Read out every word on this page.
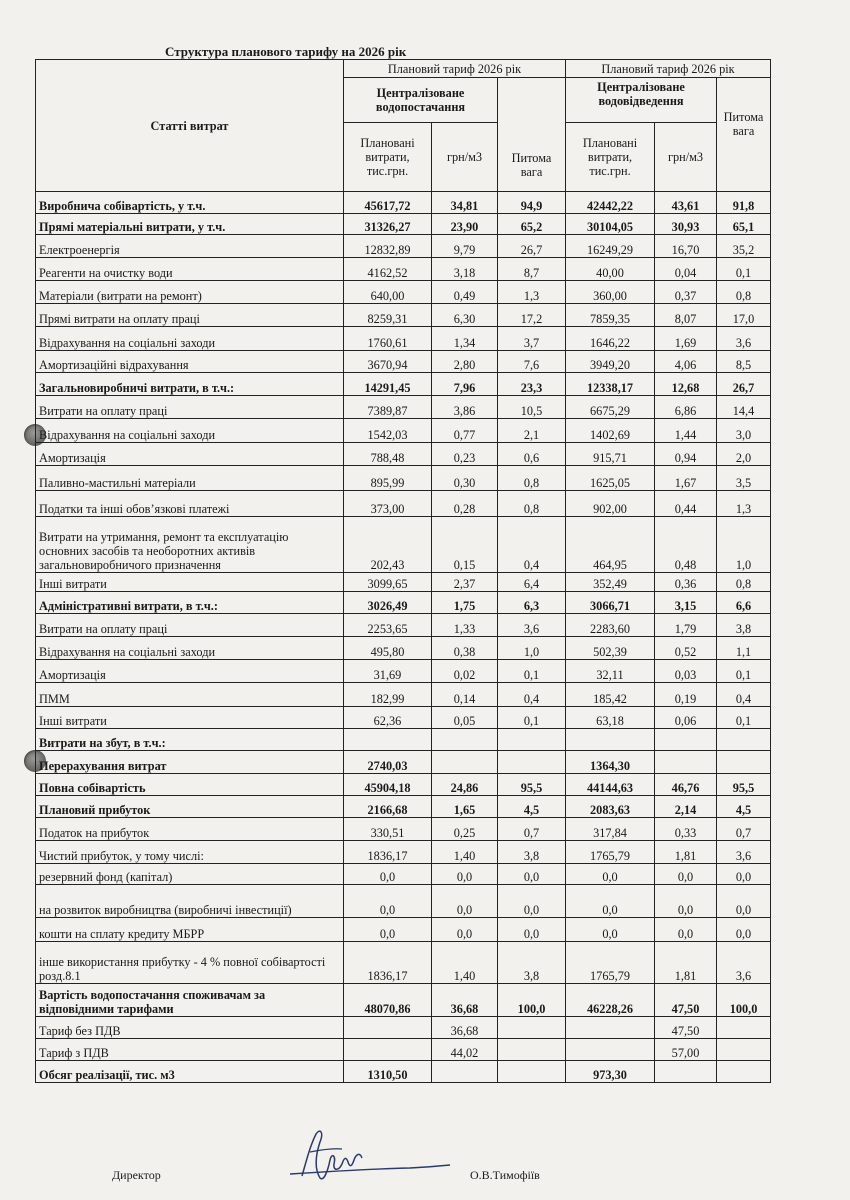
Структура планового тарифу на 2026 рік
Статті витрат	Плановий тариф 2026 рік			Плановий тариф 2026 рік		
	Централізоване водопостачання		Питома вага	Централізоване водовідведення		Питома вага
	Плановані витрати, тис.грн.	грн/м3		Плановані витрати, тис.грн.	грн/м3	
Виробнича собівартість, у т.ч.	45617,72	34,81	94,9	42442,22	43,61	91,8
Прямі матеріальні витрати, у т.ч.	31326,27	23,90	65,2	30104,05	30,93	65,1
Електроенергія	12832,89	9,79	26,7	16249,29	16,70	35,2
Реагенти на очистку води	4162,52	3,18	8,7	40,00	0,04	0,1
Матеріали (витрати на ремонт)	640,00	0,49	1,3	360,00	0,37	0,8
Прямі витрати на оплату праці	8259,31	6,30	17,2	7859,35	8,07	17,0
Відрахування на соціальні заходи	1760,61	1,34	3,7	1646,22	1,69	3,6
Амортизаційні відрахування	3670,94	2,80	7,6	3949,20	4,06	8,5
Загальновиробничі витрати, в т.ч.:	14291,45	7,96	23,3	12338,17	12,68	26,7
Витрати на оплату праці	7389,87	3,86	10,5	6675,29	6,86	14,4
Відрахування на соціальні заходи	1542,03	0,77	2,1	1402,69	1,44	3,0
Амортизація	788,48	0,23	0,6	915,71	0,94	2,0
Паливно-мастильні матеріали	895,99	0,30	0,8	1625,05	1,67	3,5
Податки та інші обов’язкові платежі	373,00	0,28	0,8	902,00	0,44	1,3
Витрати на утримання, ремонт та експлуатацію основних засобів та необоротних активів загальновиробничого призначення	202,43	0,15	0,4	464,95	0,48	1,0
Інші витрати	3099,65	2,37	6,4	352,49	0,36	0,8
Адміністративні витрати, в т.ч.:	3026,49	1,75	6,3	3066,71	3,15	6,6
Витрати на оплату праці	2253,65	1,33	3,6	2283,60	1,79	3,8
Відрахування на соціальні заходи	495,80	0,38	1,0	502,39	0,52	1,1
Амортизація	31,69	0,02	0,1	32,11	0,03	0,1
ПММ	182,99	0,14	0,4	185,42	0,19	0,4
Інші витрати	62,36	0,05	0,1	63,18	0,06	0,1
Витрати на збут, в т.ч.:						
Перерахування витрат	2740,03			1364,30		
Повна собівартість	45904,18	24,86	95,5	44144,63	46,76	95,5
Плановий прибуток	2166,68	1,65	4,5	2083,63	2,14	4,5
Податок на прибуток	330,51	0,25	0,7	317,84	0,33	0,7
Чистий прибуток, у тому числі:	1836,17	1,40	3,8	1765,79	1,81	3,6
резервний фонд (капітал)	0,0	0,0	0,0	0,0	0,0	0,0
на розвиток виробництва (виробничі інвестиції)	0,0	0,0	0,0	0,0	0,0	0,0
кошти на сплату кредиту МБРР	0,0	0,0	0,0	0,0	0,0	0,0
інше використання прибутку - 4 % повної собівартості розд.8.1	1836,17	1,40	3,8	1765,79	1,81	3,6
Вартість водопостачання споживачам за відповідними тарифами	48070,86	36,68	100,0	46228,26	47,50	100,0
Тариф без ПДВ		36,68			47,50	
Тариф з ПДВ		44,02			57,00	
Обсяг реалізації, тис. м3	1310,50			973,30		
Директор	О.В.Тимофіїв
